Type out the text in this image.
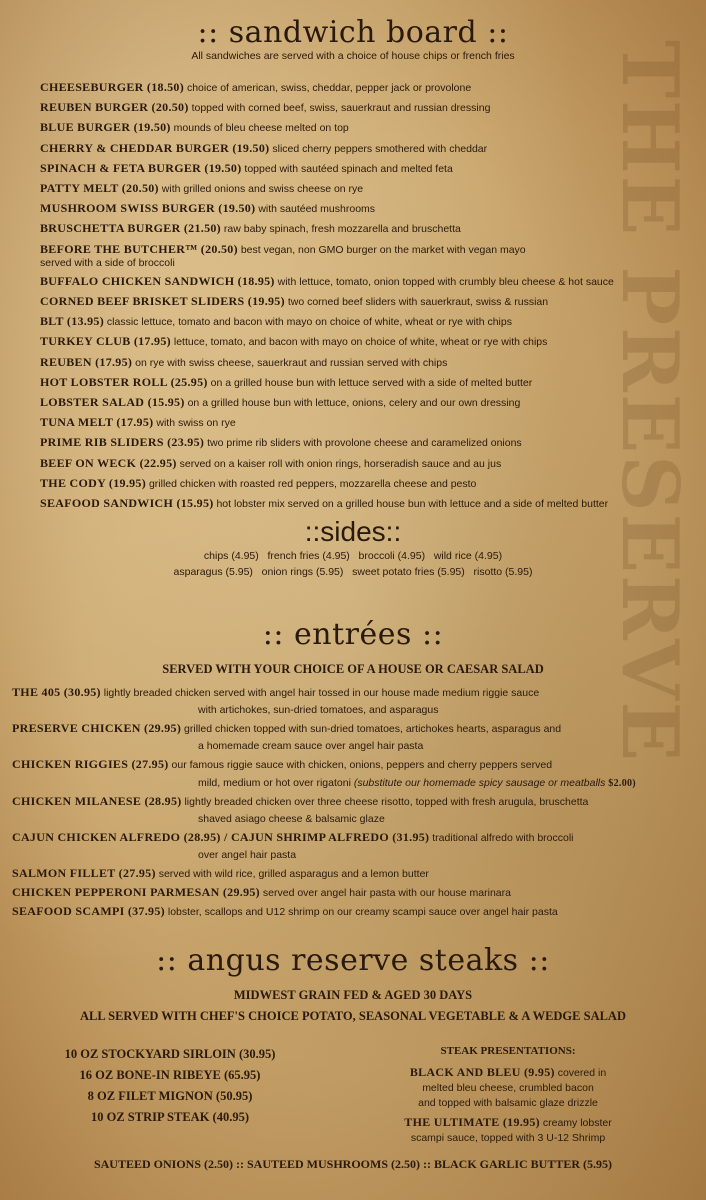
THE PRESERVE
:: sandwich board ::
All sandwiches are served with a choice of house chips or french fries
CHEESEBURGER (18.50) choice of american, swiss, cheddar, pepper jack or provolone
REUBEN BURGER (20.50) topped with corned beef, swiss, sauerkraut and russian dressing
BLUE BURGER (19.50) mounds of bleu cheese melted on top
CHERRY & CHEDDAR BURGER (19.50) sliced cherry peppers smothered with cheddar
SPINACH & FETA BURGER (19.50) topped with sautéed spinach and melted feta
PATTY MELT (20.50) with grilled onions and swiss cheese on rye
MUSHROOM SWISS BURGER (19.50) with sautéed mushrooms
BRUSCHETTA BURGER (21.50) raw baby spinach, fresh mozzarella and bruschetta
BEFORE THE BUTCHER™ (20.50) best vegan, non GMO burger on the market with vegan mayo
served with a side of broccoli
BUFFALO CHICKEN SANDWICH (18.95) with lettuce, tomato, onion topped with crumbly bleu cheese & hot sauce
CORNED BEEF BRISKET SLIDERS (19.95) two corned beef sliders with sauerkraut, swiss & russian
BLT (13.95) classic lettuce, tomato and bacon with mayo on choice of white, wheat or rye with chips
TURKEY CLUB (17.95) lettuce, tomato, and bacon with mayo on choice of white, wheat or rye with chips
REUBEN (17.95) on rye with swiss cheese, sauerkraut and russian served with chips
HOT LOBSTER ROLL (25.95) on a grilled house bun with lettuce served with a side of melted butter
LOBSTER SALAD (15.95) on a grilled house bun with lettuce, onions, celery and our own dressing
TUNA MELT (17.95) with swiss on rye
PRIME RIB SLIDERS (23.95) two prime rib sliders with provolone cheese and caramelized onions
BEEF ON WECK (22.95) served on a kaiser roll with onion rings, horseradish sauce and au jus
THE CODY (19.95) grilled chicken with roasted red peppers, mozzarella cheese and pesto
SEAFOOD SANDWICH (15.95) hot lobster mix served on a grilled house bun with lettuce and a side of melted butter
::sides::
chips (4.95)   french fries (4.95)   broccoli (4.95)   wild rice (4.95)
asparagus (5.95)   onion rings (5.95)   sweet potato fries (5.95)   risotto (5.95)
:: entrées ::
SERVED WITH YOUR CHOICE OF A HOUSE OR CAESAR SALAD
THE 405 (30.95) lightly breaded chicken served with angel hair tossed in our house made medium riggie sauce
with artichokes, sun-dried tomatoes, and asparagus
PRESERVE CHICKEN (29.95) grilled chicken topped with sun-dried tomatoes, artichokes hearts, asparagus and
a homemade cream sauce over angel hair pasta
CHICKEN RIGGIES (27.95) our famous riggie sauce with chicken, onions, peppers and cherry peppers served
mild, medium or hot over rigatoni (substitute our homemade spicy sausage or meatballs $2.00)
CHICKEN MILANESE (28.95) lightly breaded chicken over three cheese risotto, topped with fresh arugula, bruschetta
shaved asiago cheese & balsamic glaze
CAJUN CHICKEN ALFREDO (28.95) / CAJUN SHRIMP ALFREDO (31.95) traditional alfredo with broccoli
over angel hair pasta
SALMON FILLET (27.95) served with wild rice, grilled asparagus and a lemon butter
CHICKEN PEPPERONI PARMESAN (29.95) served over angel hair pasta with our house marinara
SEAFOOD SCAMPI (37.95) lobster, scallops and U12 shrimp on our creamy scampi sauce over angel hair pasta
:: angus reserve steaks ::
MIDWEST GRAIN FED & AGED 30 DAYS
ALL SERVED WITH CHEF'S CHOICE POTATO, SEASONAL VEGETABLE & A WEDGE SALAD
10 OZ STOCKYARD SIRLOIN (30.95)
16 OZ BONE-IN RIBEYE (65.95)
8 OZ FILET MIGNON (50.95)
10 OZ STRIP STEAK (40.95)
STEAK PRESENTATIONS:
BLACK AND BLEU (9.95) covered in
melted bleu cheese, crumbled bacon
and topped with balsamic glaze drizzle
THE ULTIMATE (19.95) creamy lobster
scampi sauce, topped with 3 U-12 Shrimp
SAUTEED ONIONS (2.50) :: SAUTEED MUSHROOMS (2.50) :: BLACK GARLIC BUTTER (5.95)
